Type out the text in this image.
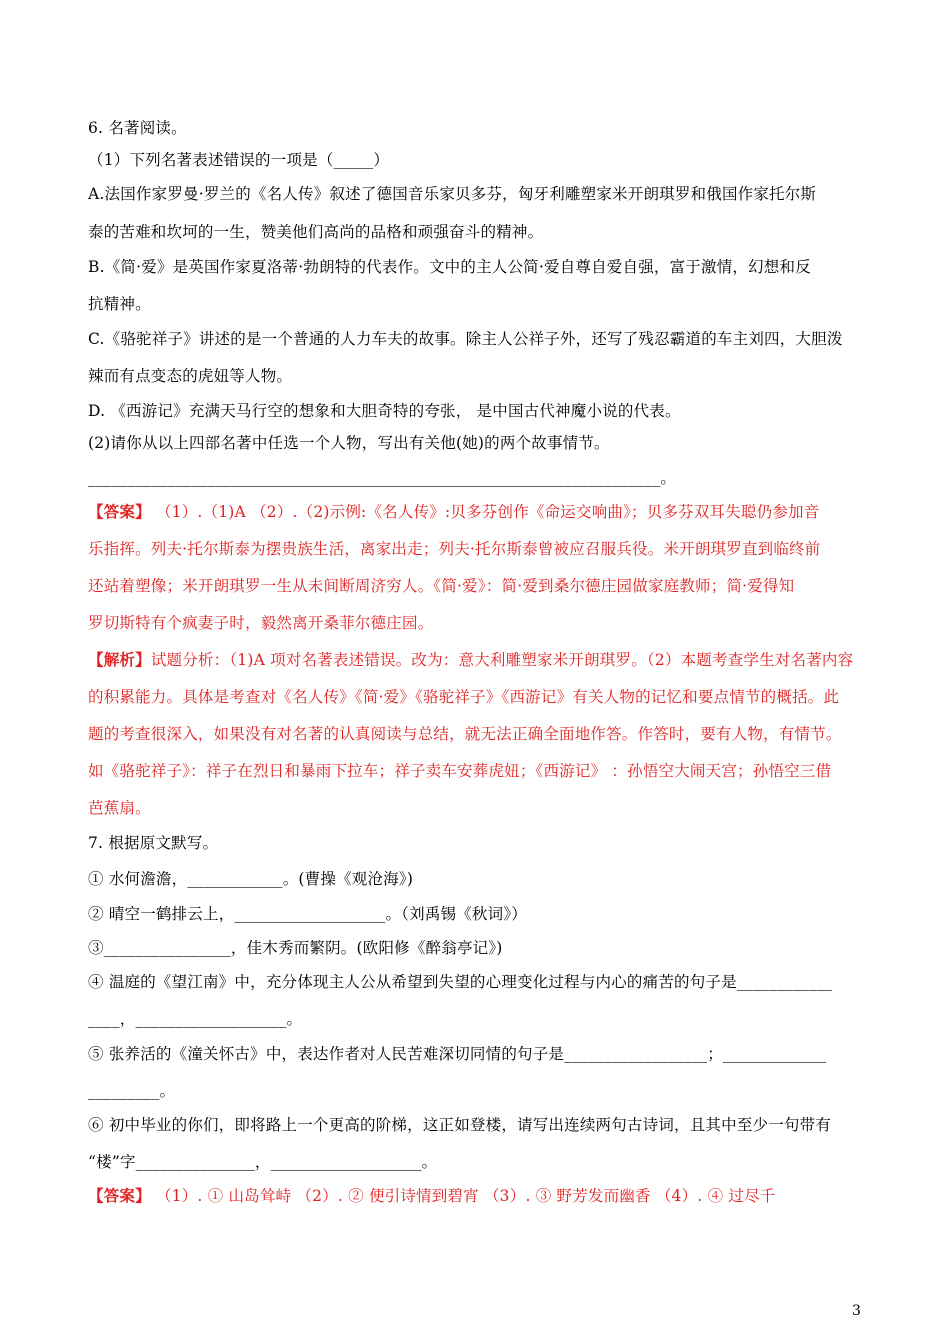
6. 名著阅读。
（1）下列名著表述错误的一项是（_____）
A.法国作家罗曼·罗兰的《名人传》叙述了德国音乐家贝多芬，匈牙利雕塑家米开朗琪罗和俄国作家托尔斯
泰的苦难和坎坷的一生，赞美他们高尚的品格和顽强奋斗的精神。
B.《简·爱》是英国作家夏洛蒂·勃朗特的代表作。文中的主人公简·爱自尊自爱自强，富于激情，幻想和反
抗精神。
C.《骆驼祥子》讲述的是一个普通的人力车夫的故事。除主人公祥子外，还写了残忍霸道的车主刘四，大胆泼
辣而有点变态的虎妞等人物。
D. 《西游记》充满天马行空的想象和大胆奇特的夸张， 是中国古代神魔小说的代表。
(2)请你从以上四部名著中任选一个人物，写出有关他(她)的两个故事情节。
________________________________________________________________________。
【答案】 （1）.（1)A （2）.（2)示例:《名人传》:贝多芬创作《命运交响曲》；贝多芬双耳失聪仍参加音
乐指挥。列夫·托尔斯泰为摆贵族生活，离家出走；列夫·托尔斯泰曾被应召服兵役。米开朗琪罗直到临终前
还站着塑像；米开朗琪罗一生从未间断周济穷人。《简·爱》：简·爱到桑尔德庄园做家庭教师；简·爱得知
罗切斯特有个疯妻子时，毅然离开桑菲尔德庄园。
【解析】试题分析：（1)A 项对名著表述错误。改为：意大利雕塑家米开朗琪罗。（2）本题考查学生对名著内容
的积累能力。具体是考查对《名人传》《简·爱》《骆驼祥子》《西游记》有关人物的记忆和要点情节的概括。此
题的考查很深入，如果没有对名著的认真阅读与总结，就无法正确全面地作答。作答时，要有人物，有情节。
如《骆驼祥子》：祥子在烈日和暴雨下拉车；祥子卖车安葬虎妞；《西游记》 ：孙悟空大闹天宫；孙悟空三借
芭蕉扇。
7. 根据原文默写。
① 水何澹澹，____________。(曹操《观沧海》)
② 晴空一鹤排云上，___________________。（刘禹锡《秋词》）
③________________，佳木秀而繁阴。(欧阳修《醉翁亭记》)
④ 温庭的《望江南》中，充分体现主人公从希望到失望的心理变化过程与内心的痛苦的句子是____________
____，___________________。
⑤ 张养活的《潼关怀古》中，表达作者对人民苦难深切同情的句子是__________________；_____________
_________。
⑥ 初中毕业的你们，即将路上一个更高的阶梯，这正如登楼，请写出连续两句古诗词，且其中至少一句带有
“楼”字_______________，___________________。
【答案】 （1）. ① 山岛耸峙 （2）. ② 便引诗情到碧宵 （3）. ③ 野芳发而幽香 （4）. ④ 过尽千
3
